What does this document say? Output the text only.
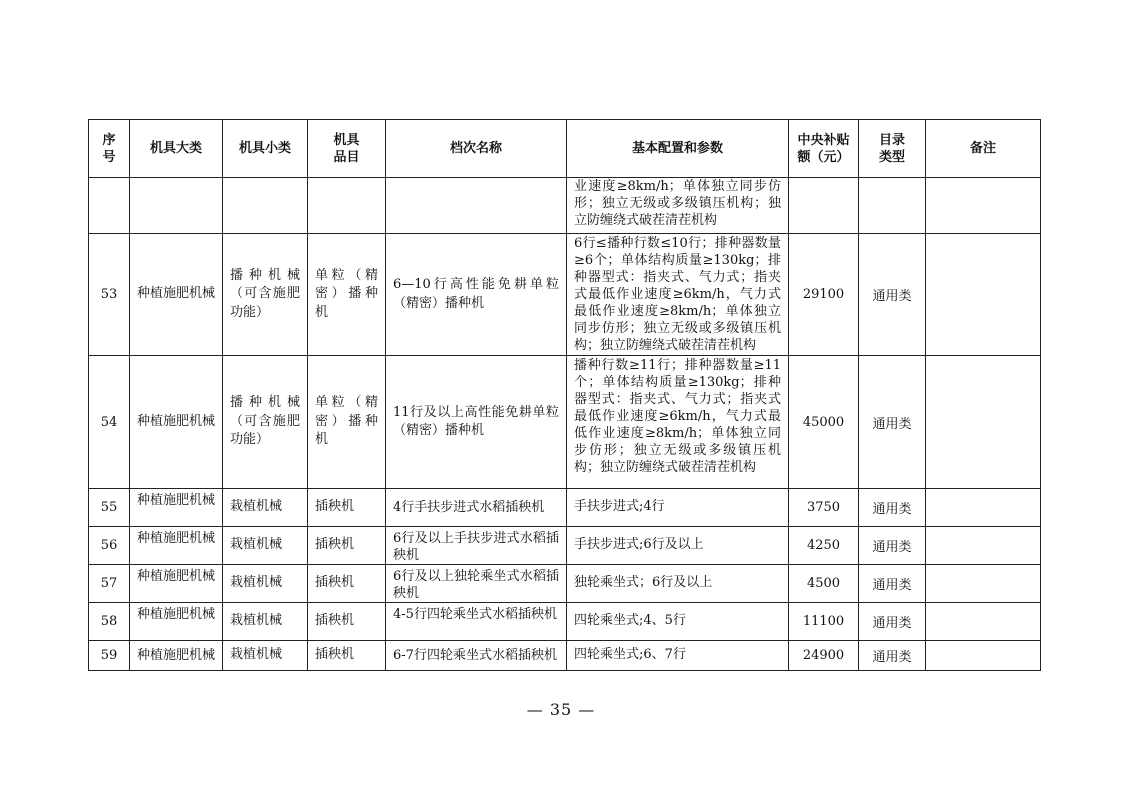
序号	机具大类	机具小类	机具品目	档次名称	基本配置和参数	中央补贴额（元）	目录类型	备注

					业速度≥8km/h；单体独立同步仿形；独立无级或多级镇压机构；独立防缠绕式破茬清茬机构			

53	种植施肥机械	播种机械（可含施肥功能）	单粒（精密）播种机	6—10行高性能免耕单粒（精密）播种机	6行≤播种行数≤10行；排种器数量≥6个；单体结构质量≥130kg；排种器型式：指夹式、气力式；指夹式最低作业速度≥6km/h，气力式最低作业速度≥8km/h；单体独立同步仿形；独立无级或多级镇压机构；独立防缠绕式破茬清茬机构	29100	通用类	
54	种植施肥机械	播种机械（可含施肥功能）	单粒（精密）播种机	11行及以上高性能免耕单粒（精密）播种机	播种行数≥11行；排种器数量≥11个；单体结构质量≥130kg；排种器型式：指夹式、气力式；指夹式最低作业速度≥6km/h，气力式最低作业速度≥8km/h；单体独立同步仿形；独立无级或多级镇压机构；独立防缠绕式破茬清茬机构	45000	通用类	
55	种植施肥机械	栽植机械	插秧机	4行手扶步进式水稻插秧机	手扶步进式;4行	3750	通用类	
56	种植施肥机械	栽植机械	插秧机	6行及以上手扶步进式水稻插秧机	手扶步进式;6行及以上	4250	通用类	
57	种植施肥机械	栽植机械	插秧机	6行及以上独轮乘坐式水稻插秧机	独轮乘坐式；6行及以上	4500	通用类	
58	种植施肥机械	栽植机械	插秧机	4-5行四轮乘坐式水稻插秧机	四轮乘坐式;4、5行	11100	通用类	
59	种植施肥机械	栽植机械	插秧机	6-7行四轮乘坐式水稻插秧机	四轮乘坐式;6、7行	24900	通用类	
— 35 —
